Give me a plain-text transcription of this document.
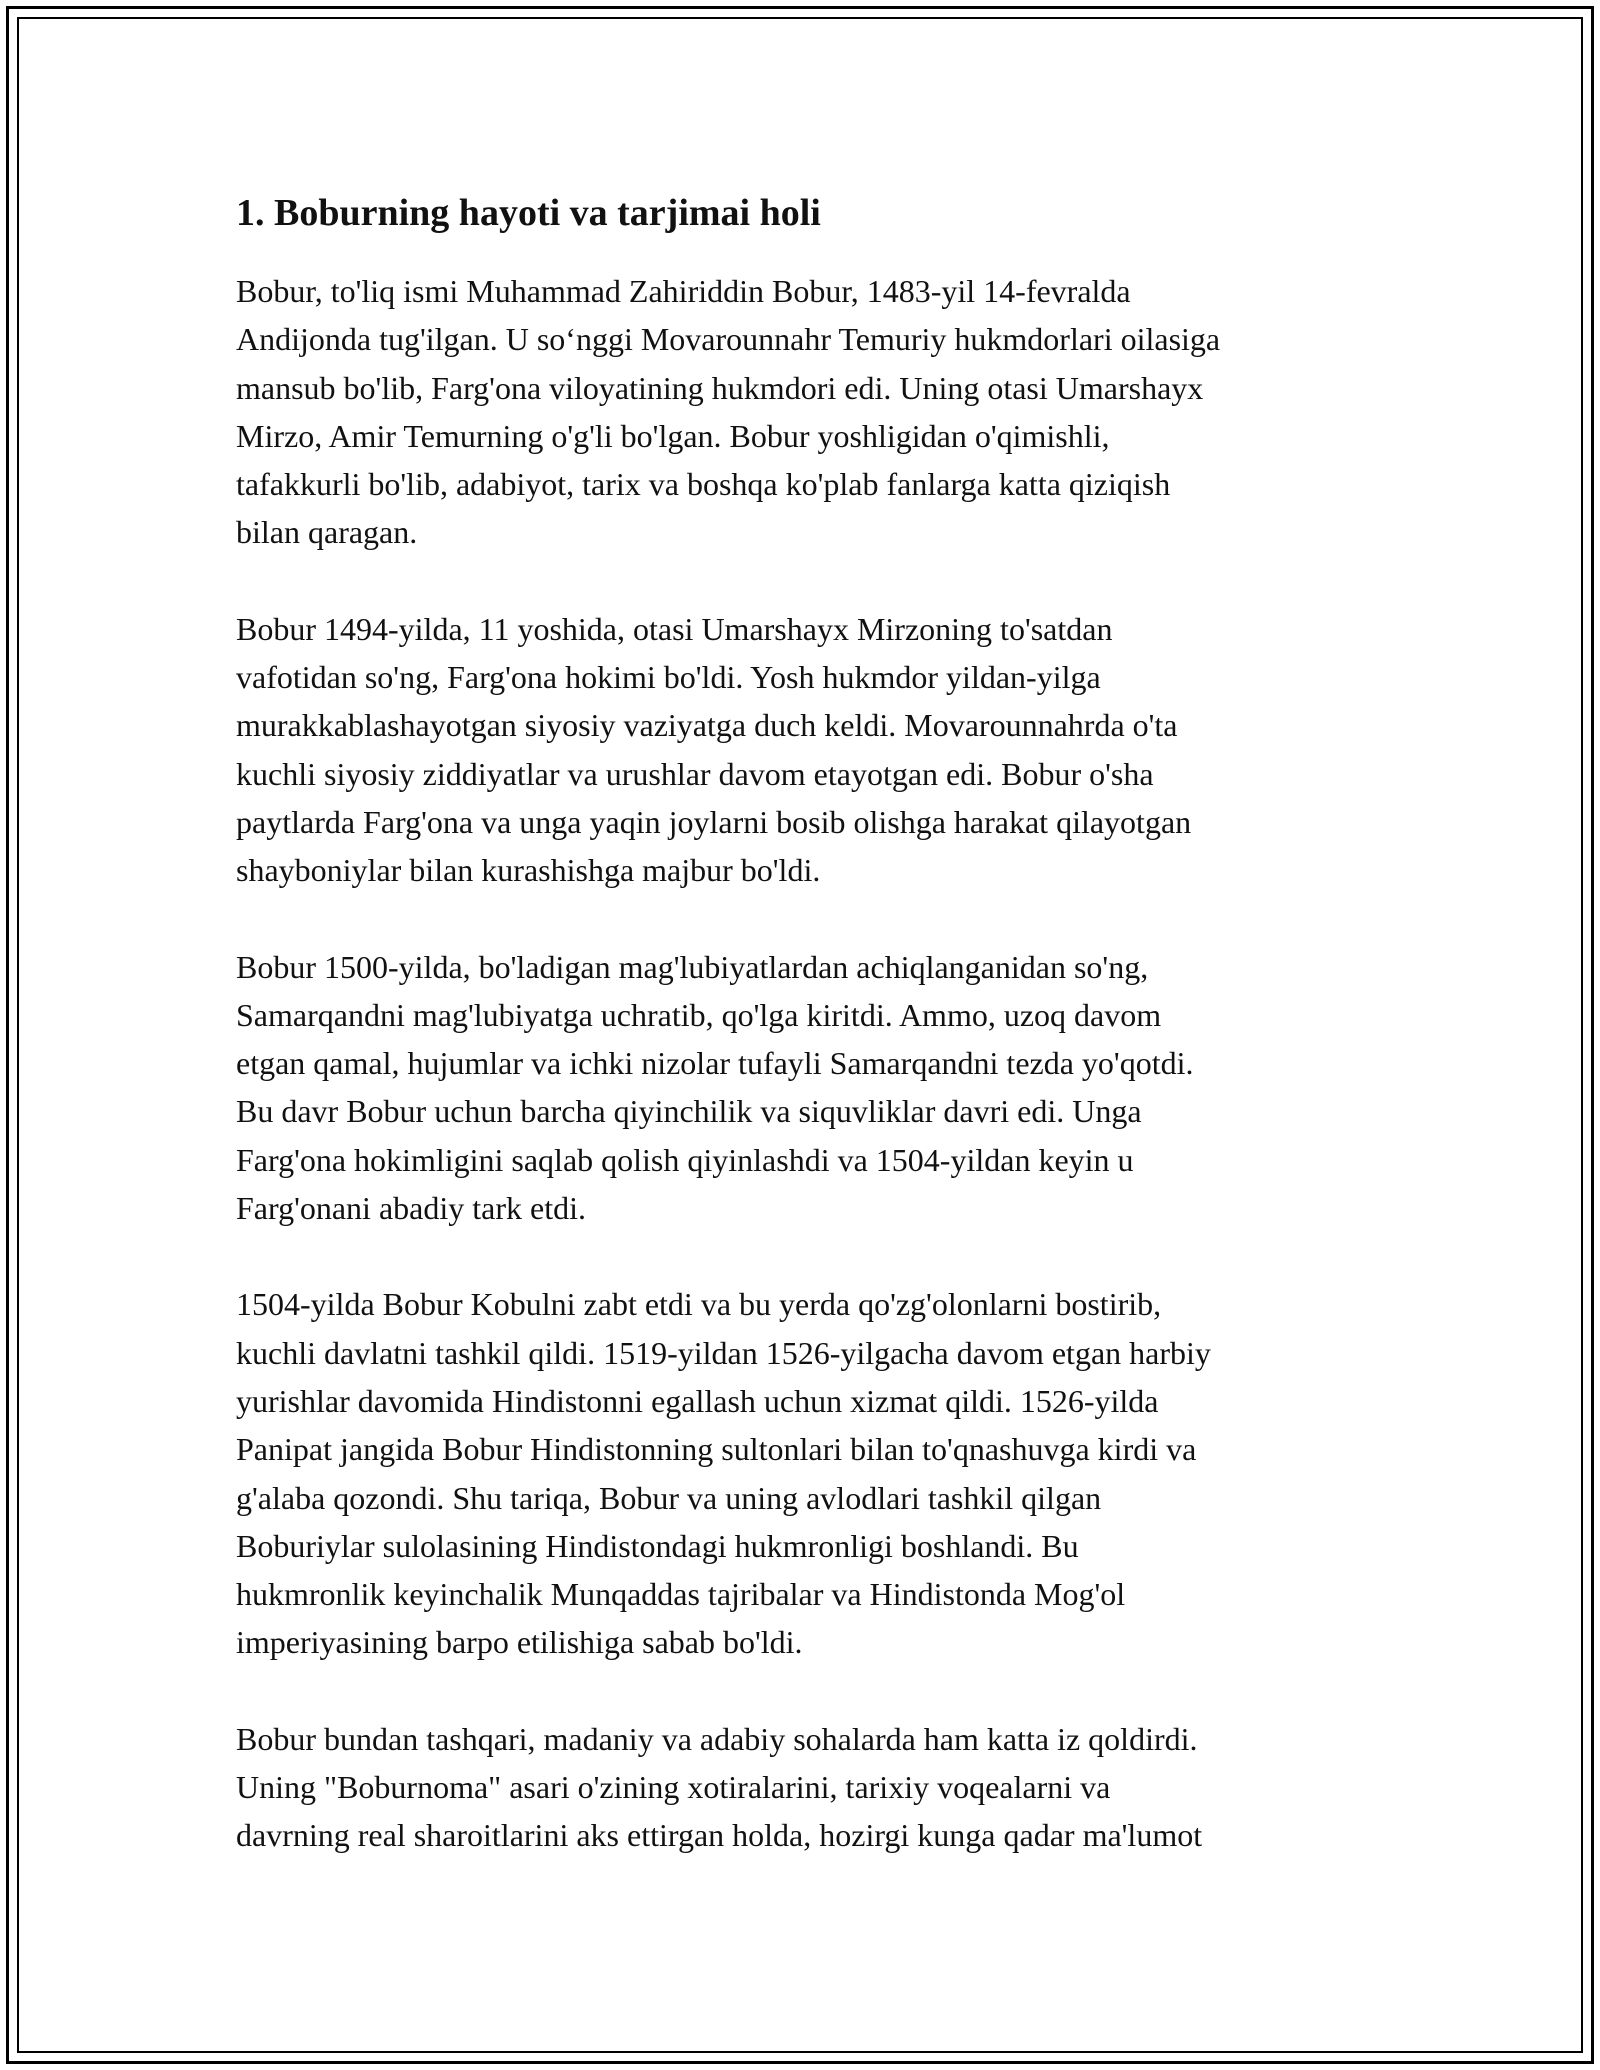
1. Boburning hayoti va tarjimai holi

Bobur, to'liq ismi Muhammad Zahiriddin Bobur, 1483-yil 14-fevralda
Andijonda tug'ilgan. U so‘nggi Movarounnahr Temuriy hukmdorlari oilasiga
mansub bo'lib, Farg'ona viloyatining hukmdori edi. Uning otasi Umarshayx
Mirzo, Amir Temurning o'g'li bo'lgan. Bobur yoshligidan o'qimishli,
tafakkurli bo'lib, adabiyot, tarix va boshqa ko'plab fanlarga katta qiziqish
bilan qaragan.

Bobur 1494-yilda, 11 yoshida, otasi Umarshayx Mirzoning to'satdan
vafotidan so'ng, Farg'ona hokimi bo'ldi. Yosh hukmdor yildan-yilga
murakkablashayotgan siyosiy vaziyatga duch keldi. Movarounnahrda o'ta
kuchli siyosiy ziddiyatlar va urushlar davom etayotgan edi. Bobur o'sha
paytlarda Farg'ona va unga yaqin joylarni bosib olishga harakat qilayotgan
shayboniylar bilan kurashishga majbur bo'ldi.

Bobur 1500-yilda, bo'ladigan mag'lubiyatlardan achiqlanganidan so'ng,
Samarqandni mag'lubiyatga uchratib, qo'lga kiritdi. Ammo, uzoq davom
etgan qamal, hujumlar va ichki nizolar tufayli Samarqandni tezda yo'qotdi.
Bu davr Bobur uchun barcha qiyinchilik va siquvliklar davri edi. Unga
Farg'ona hokimligini saqlab qolish qiyinlashdi va 1504-yildan keyin u
Farg'onani abadiy tark etdi.

1504-yilda Bobur Kobulni zabt etdi va bu yerda qo'zg'olonlarni bostirib,
kuchli davlatni tashkil qildi. 1519-yildan 1526-yilgacha davom etgan harbiy
yurishlar davomida Hindistonni egallash uchun xizmat qildi. 1526-yilda
Panipat jangida Bobur Hindistonning sultonlari bilan to'qnashuvga kirdi va
g'alaba qozondi. Shu tariqa, Bobur va uning avlodlari tashkil qilgan
Boburiylar sulolasining Hindistondagi hukmronligi boshlandi. Bu
hukmronlik keyinchalik Munqaddas tajribalar va Hindistonda Mog'ol
imperiyasining barpo etilishiga sabab bo'ldi.

Bobur bundan tashqari, madaniy va adabiy sohalarda ham katta iz qoldirdi.
Uning "Boburnoma" asari o'zining xotiralarini, tarixiy voqealarni va
davrning real sharoitlarini aks ettirgan holda, hozirgi kunga qadar ma'lumot
